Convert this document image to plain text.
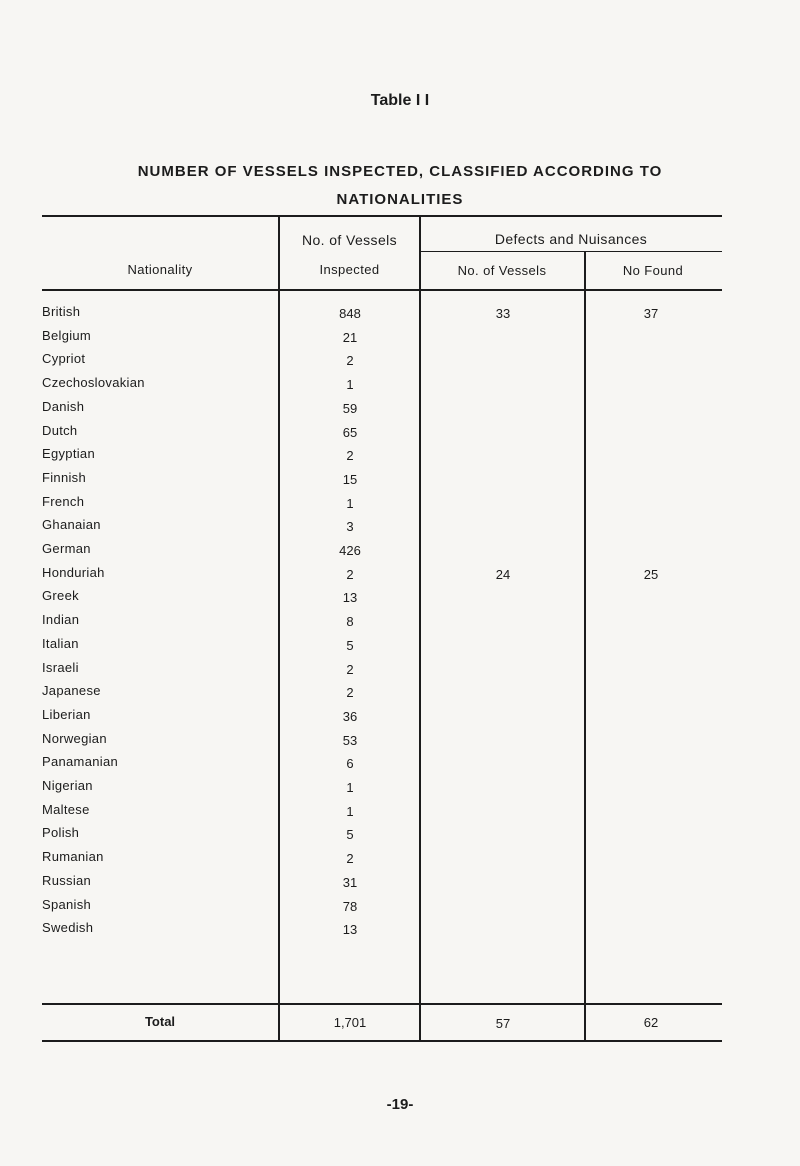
Table I I
NUMBER OF VESSELS INSPECTED, CLASSIFIED ACCORDING TO
NATIONALITIES
Nationality
No. of Vessels
Inspected
Defects and Nuisances
No. of Vessels	No Found
British	848	33	37
Belgium	21
Cypriot	2
Czechoslovakian	1
Danish	59
Dutch	65
Egyptian	2
Finnish	15
French	1
Ghanaian	3
German	426
Honduriah	2	24	25
Greek	13
Indian	8
Italian	5
Israeli	2
Japanese	2
Liberian	36
Norwegian	53
Panamanian	6
Nigerian	1
Maltese	1
Polish	5
Rumanian	2
Russian	31
Spanish	78
Swedish	13
Total	1,701	57	62
-19-
